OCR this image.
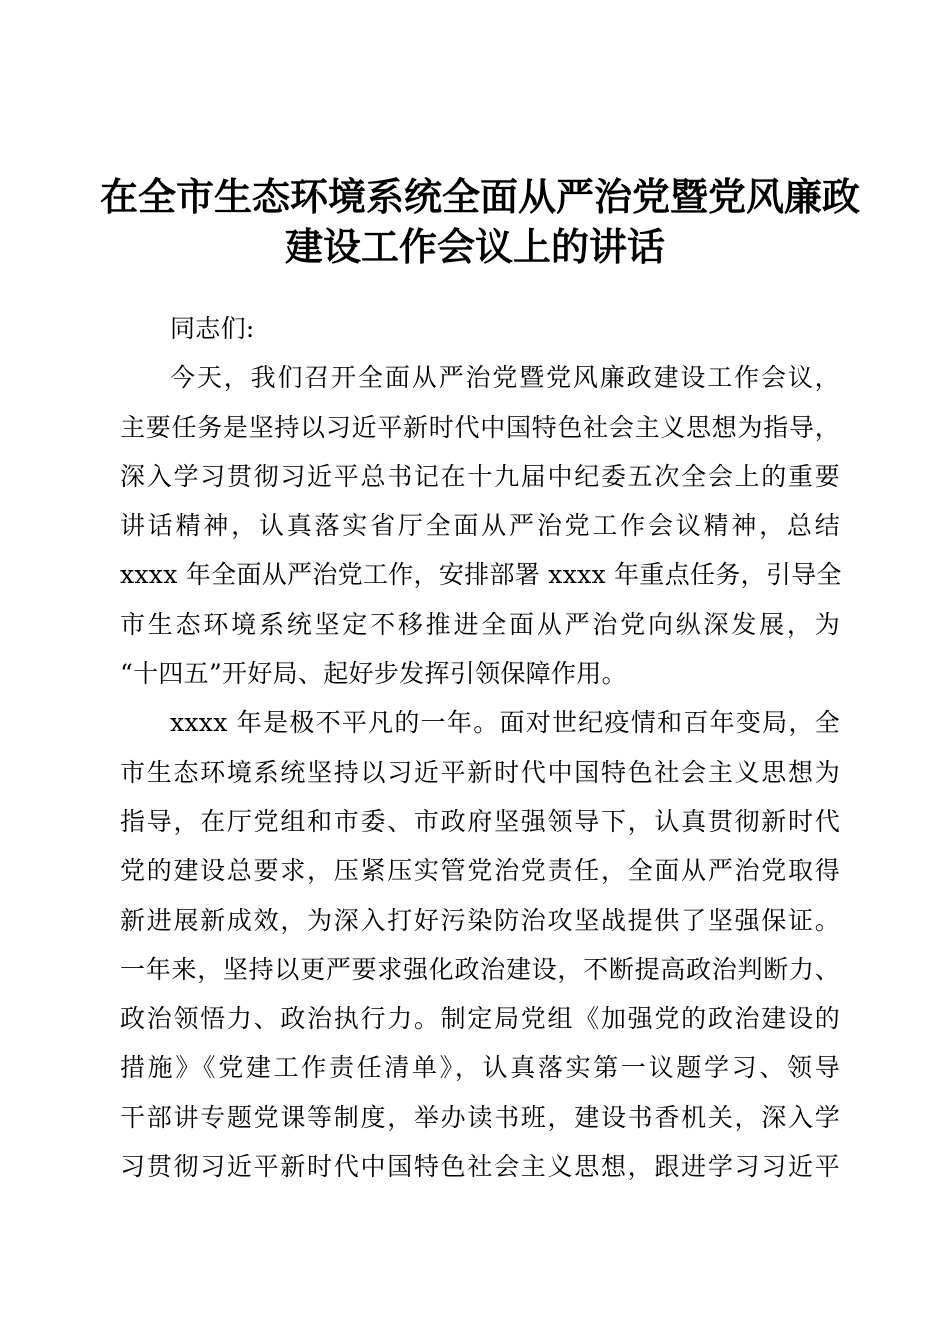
在全市生态环境系统全面从严治党暨党风廉政
建设工作会议上的讲话
同志们:
今天，我们召开全面从严治党暨党风廉政建设工作会议，
主要任务是坚持以习近平新时代中国特色社会主义思想为指导，
深入学习贯彻习近平总书记在十九届中纪委五次全会上的重要
讲话精神，认真落实省厅全面从严治党工作会议精神，总结
xxxx 年全面从严治党工作，安排部署 xxxx 年重点任务，引导全
市生态环境系统坚定不移推进全面从严治党向纵深发展，为
“十四五”开好局、起好步发挥引领保障作用。
xxxx 年是极不平凡的一年。面对世纪疫情和百年变局，全
市生态环境系统坚持以习近平新时代中国特色社会主义思想为
指导，在厅党组和市委、市政府坚强领导下，认真贯彻新时代
党的建设总要求，压紧压实管党治党责任，全面从严治党取得
新进展新成效，为深入打好污染防治攻坚战提供了坚强保证。
一年来，坚持以更严要求强化政治建设，不断提高政治判断力、
政治领悟力、政治执行力。制定局党组《加强党的政治建设的
措施》《党建工作责任清单》，认真落实第一议题学习、领导
干部讲专题党课等制度，举办读书班，建设书香机关，深入学
习贯彻习近平新时代中国特色社会主义思想，跟进学习习近平
